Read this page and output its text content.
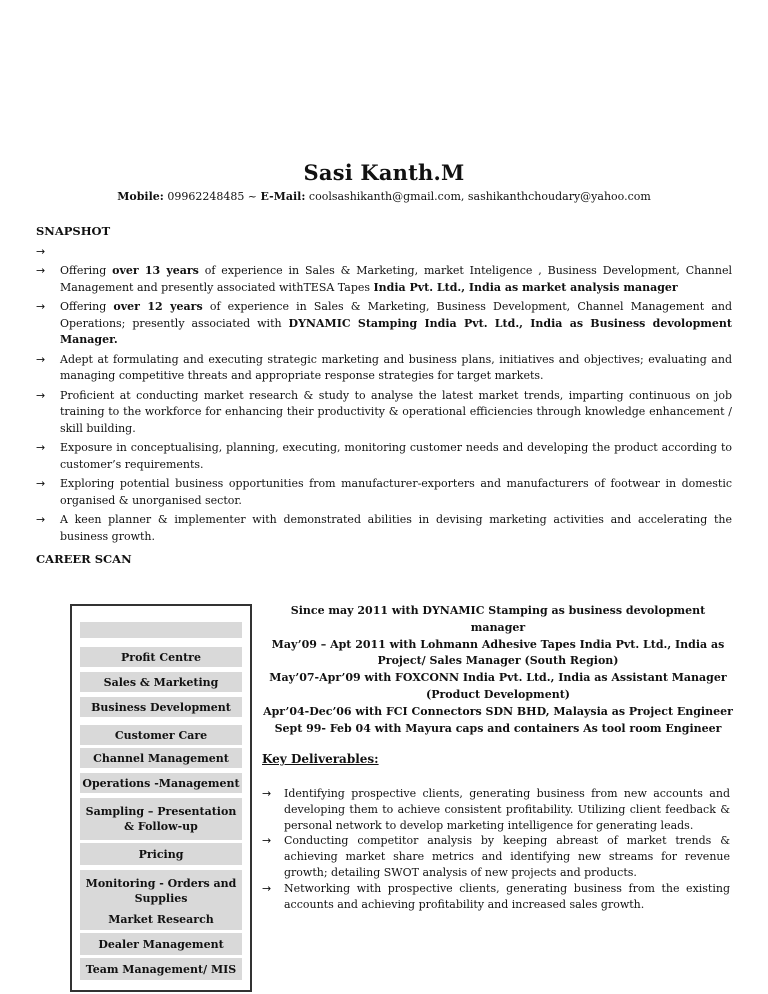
Sasi Kanth.M
Mobile: 09962248485 ~ E-Mail: coolsashikanth@gmail.com, sashikanthchoudary@yahoo.com
SNAPSHOT
→
→ Offering over 13 years of experience in Sales & Marketing, market Inteligence , Business Development, Channel Management and presently associated withTESA Tapes India Pvt. Ltd., India as market analysis manager
→ Offering over 12 years of experience in Sales & Marketing, Business Development, Channel Management and Operations; presently associated with DYNAMIC Stamping India Pvt. Ltd., India as Business devolopment Manager.
→ Adept at formulating and executing strategic marketing and business plans, initiatives and objectives; evaluating and managing competitive threats and appropriate response strategies for target markets.
→ Proficient at conducting market research & study to analyse the latest market trends, imparting continuous on job training to the workforce for enhancing their productivity & operational efficiencies through knowledge enhancement / skill building.
→ Exposure in conceptualising, planning, executing, monitoring customer needs and developing the product according to customer’s requirements.
→ Exploring potential business opportunities from manufacturer-exporters and manufacturers of footwear in domestic organised & unorganised sector.
→ A keen planner & implementer with demonstrated abilities in devising marketing activities and accelerating the business growth.
CAREER SCAN
Profit Centre
Sales & Marketing
Business Development
Customer Care
Channel Management
Operations -Management
Sampling – Presentation & Follow-up
Pricing
Monitoring - Orders and Supplies
Market Research
Dealer Management
Team Management/ MIS
Since may 2011 with DYNAMIC Stamping as business devolopment manager
May’09 – Apt 2011 with Lohmann Adhesive Tapes India Pvt. Ltd., India as
Project/ Sales Manager (South Region)
May’07-Apr’09 with FOXCONN India Pvt. Ltd., India as Assistant Manager
(Product Development)
Apr’04-Dec’06 with FCI Connectors SDN BHD, Malaysia as Project Engineer
Sept 99- Feb 04 with Mayura caps and containers As tool room Engineer
Key Deliverables:
→ Identifying prospective clients, generating business from new accounts and developing them to achieve consistent profitability. Utilizing client feedback & personal network to develop marketing intelligence for generating leads.
→ Conducting competitor analysis by keeping abreast of market trends & achieving market share metrics and identifying new streams for revenue growth; detailing SWOT analysis of new projects and products.
→ Networking with prospective clients, generating business from the existing accounts and achieving profitability and increased sales growth.
